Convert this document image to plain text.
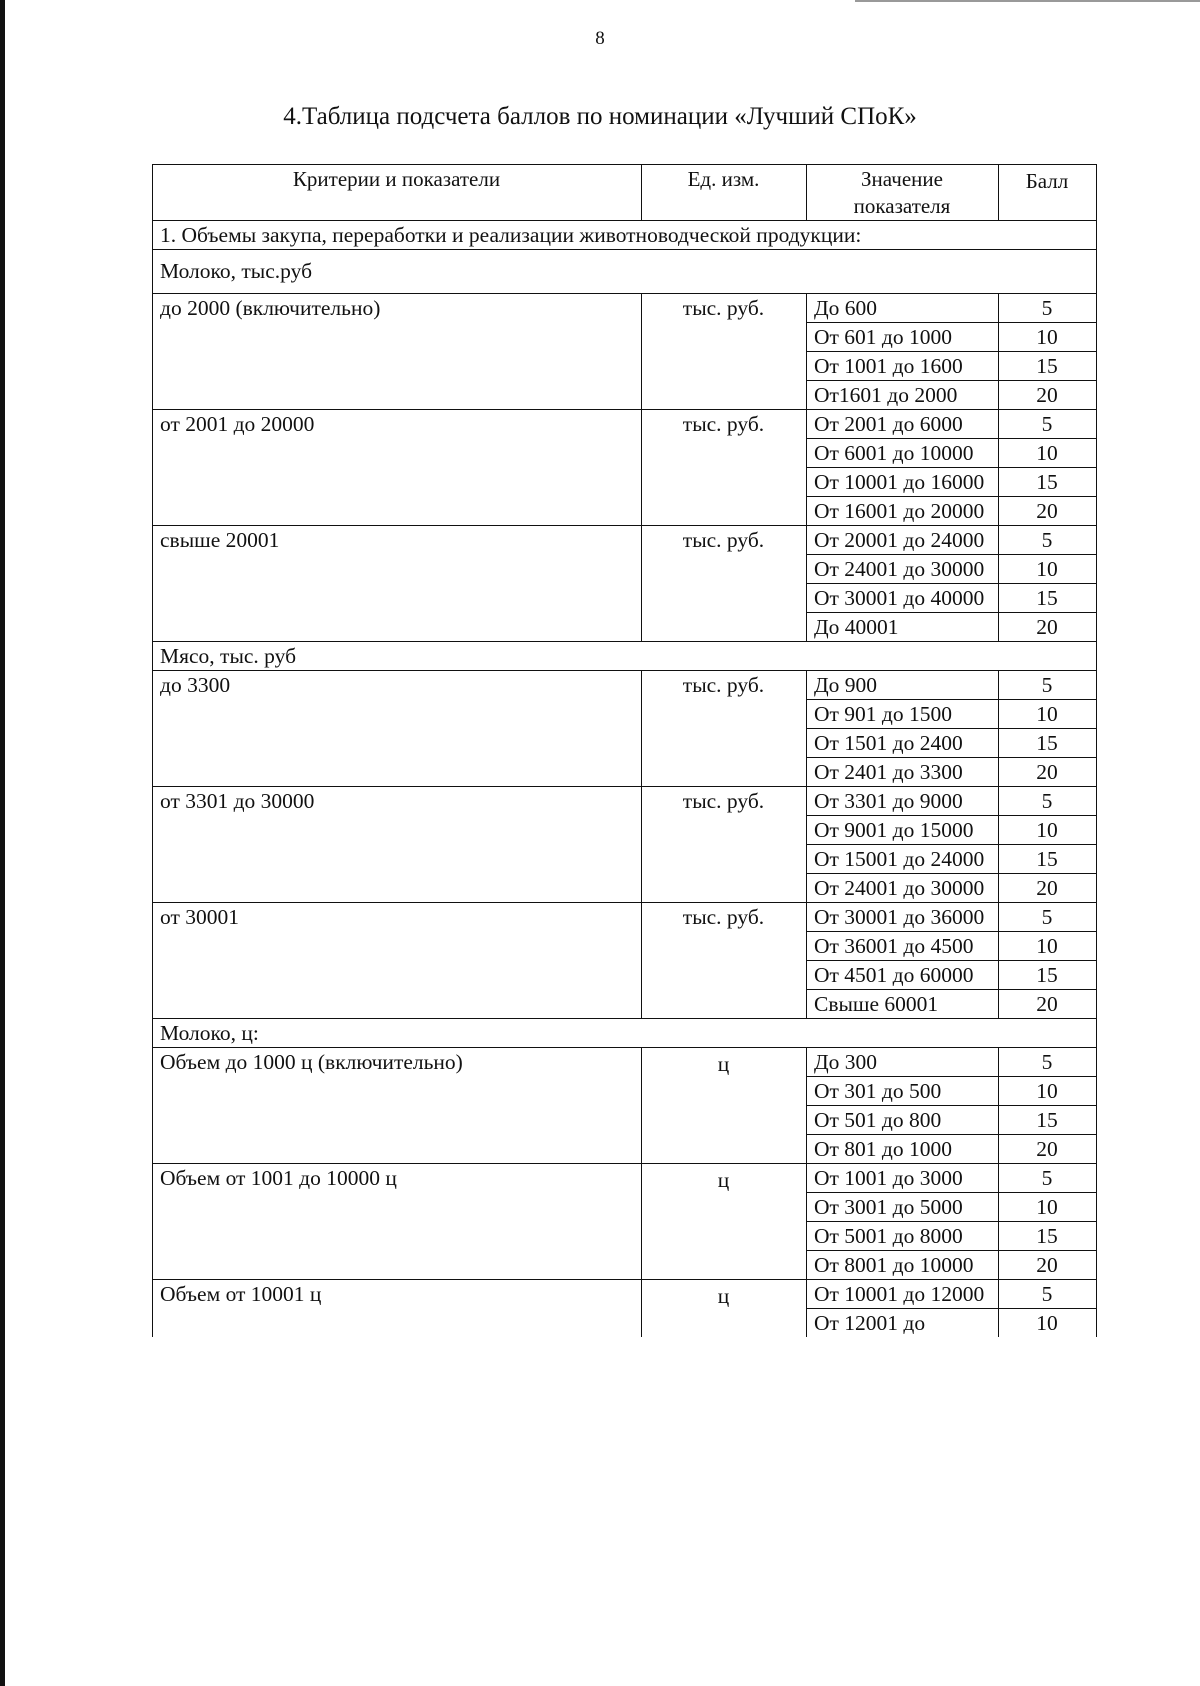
8
4.Таблица подсчета баллов по номинации «Лучший СПоК»
Критерии и показатели	Ед. изм.	Значение показателя	Балл
1. Объемы закупа, переработки и реализации животноводческой продукции:			
Молоко, тыс.руб			
до 2000 (включительно)	тыс. руб.	До 600	5
		От 601 до 1000	10
		От 1001 до 1600	15
		От1601 до 2000	20
от 2001 до 20000	тыс. руб.	От 2001 до 6000	5
		От 6001 до 10000	10
		От 10001 до 16000	15
		От 16001 до 20000	20
свыше 20001	тыс. руб.	От 20001 до 24000	5
		От 24001 до 30000	10
		От 30001 до 40000	15
		До 40001	20
Мясо, тыс. руб			
до 3300	тыс. руб.	До 900	5
		От 901 до 1500	10
		От 1501 до 2400	15
		От 2401 до 3300	20
от 3301 до 30000	тыс. руб.	От 3301 до 9000	5
		От 9001 до 15000	10
		От 15001 до 24000	15
		От 24001 до 30000	20
от 30001	тыс. руб.	От 30001 до 36000	5
		От 36001 до 4500	10
		От 4501 до 60000	15
		Свыше 60001	20
Молоко, ц:			
Объем до 1000 ц (включительно)	ц	До 300	5
		От 301 до 500	10
		От 501 до 800	15
		От 801 до 1000	20
Объем от 1001 до 10000 ц	ц	От 1001 до 3000	5
		От 3001 до 5000	10
		От 5001 до 8000	15
		От 8001 до 10000	20
Объем от 10001 ц	ц	От 10001 до 12000	5
		От 12001 до	10
